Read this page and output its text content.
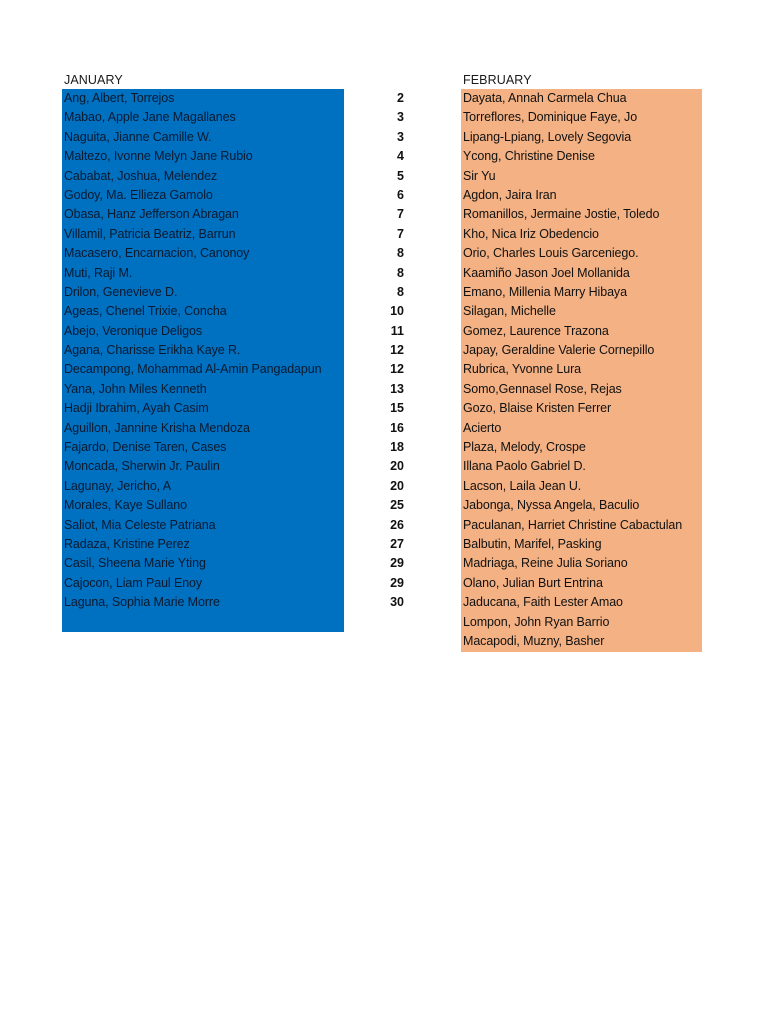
JANUARY
Ang, Albert, Torrejos
Mabao, Apple Jane Magallanes
Naguita, Jianne Camille W.
Maltezo, Ivonne Melyn Jane Rubio
Cababat, Joshua, Melendez
Godoy, Ma. Ellieza Gamolo
Obasa, Hanz Jefferson Abragan
Villamil, Patricia Beatriz, Barrun
Macasero, Encarnacion, Canonoy
Muti, Raji M.
Drilon, Genevieve D.
Ageas, Chenel Trixie, Concha
Abejo, Veronique Deligos
Agana, Charisse Erikha Kaye R.
Decampong, Mohammad Al-Amin Pangadapun
Yana, John Miles Kenneth
Hadji Ibrahim, Ayah Casim
Aguillon, Jannine Krisha Mendoza
Fajardo, Denise Taren, Cases
Moncada, Sherwin Jr. Paulin
Lagunay, Jericho, A
Morales, Kaye Sullano
Saliot, Mia Celeste Patriana
Radaza, Kristine Perez
Casil, Sheena Marie Yting
Cajocon, Liam Paul Enoy
Laguna, Sophia Marie Morre
2
3
3
4
5
6
7
7
8
8
8
10
11
12
12
13
15
16
18
20
20
25
26
27
29
29
30
FEBRUARY
Dayata, Annah Carmela Chua
Torreflores, Dominique Faye, Jo
Lipang-Lpiang, Lovely Segovia
Ycong, Christine Denise
Sir Yu
Agdon, Jaira Iran
Romanillos, Jermaine Jostie, Toledo
Kho, Nica Iriz Obedencio
Orio, Charles Louis Garceniego.
Kaamiño Jason Joel Mollanida
Emano, Millenia Marry Hibaya
Silagan, Michelle
Gomez, Laurence Trazona
Japay, Geraldine Valerie Cornepillo
Rubrica, Yvonne Lura
Somo,Gennasel Rose, Rejas
Gozo, Blaise Kristen Ferrer
Acierto
Plaza, Melody, Crospe
Illana Paolo Gabriel D.
Lacson, Laila Jean U.
Jabonga, Nyssa Angela, Baculio
Paculanan, Harriet Christine Cabactulan
Balbutin, Marifel, Pasking
Madriaga, Reine Julia Soriano
Olano, Julian Burt Entrina
Jaducana, Faith Lester Amao
Lompon, John Ryan Barrio
Macapodi, Muzny, Basher
